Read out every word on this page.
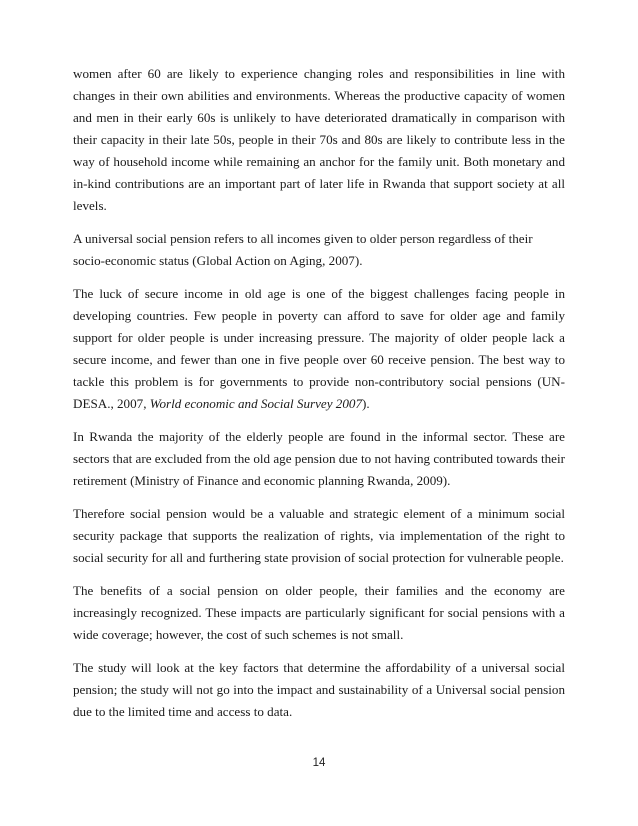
women after 60 are likely to experience changing roles and responsibilities in line with changes in their own abilities and environments. Whereas the productive capacity of women and men in their early 60s is unlikely to have deteriorated dramatically in comparison with their capacity in their late 50s, people in their 70s and 80s are likely to contribute less in the way of household income while remaining an anchor for the family unit. Both monetary and in-kind contributions are an important part of later life in Rwanda that support society at all levels.

A universal social pension refers to all incomes given to older person regardless of their socio-economic status (Global Action on Aging, 2007).

The luck of secure income in old age is one of the biggest challenges facing people in developing countries. Few people in poverty can afford to save for older age and family support for older people is under increasing pressure. The majority of older people lack a secure income, and fewer than one in five people over 60 receive pension. The best way to tackle this problem is for governments to provide non-contributory social pensions (UN-DESA., 2007, World economic and Social Survey 2007).

In Rwanda the majority of the elderly people are found in the informal sector. These are sectors that are excluded from the old age pension due to not having contributed towards their retirement (Ministry of Finance and economic planning Rwanda, 2009).

Therefore social pension would be a valuable and strategic element of a minimum social security package that supports the realization of rights, via implementation of the right to social security for all and furthering state provision of social protection for vulnerable people.

The benefits of a social pension on older people, their families and the economy are increasingly recognized. These impacts are particularly significant for social pensions with a wide coverage; however, the cost of such schemes is not small.

The study will look at the key factors that determine the affordability of a universal social pension; the study will not go into the impact and sustainability of a Universal social pension due to the limited time and access to data.

14
